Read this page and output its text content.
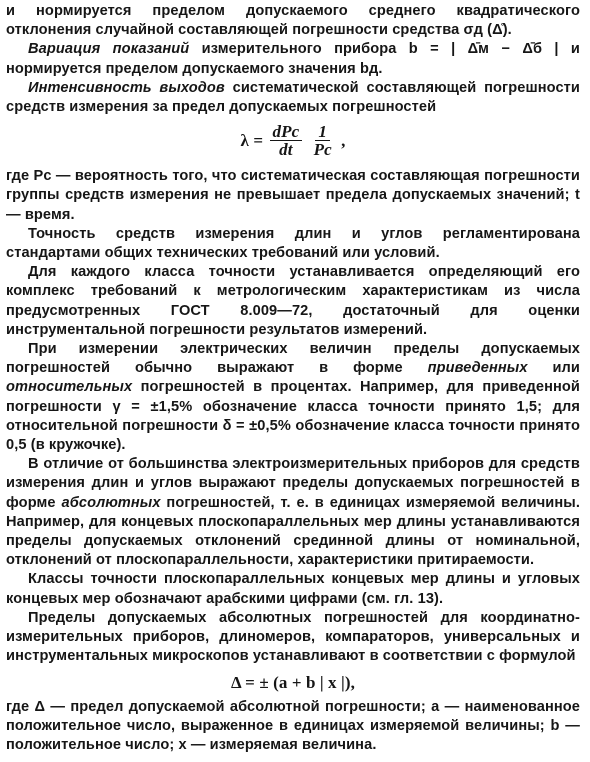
и нормируется пределом допускаемого среднего квадратического отклонения случайной составляющей погрешности средства σд (Δ̊).

Вариация показаний измерительного прибора b = | Δ̄м − Δ̄б | и нормируется пределом допускаемого значения bд.

Интенсивность выходов систематической составляющей погрешности средств измерения за предел допускаемых погрешностей

$\lambda = \frac{\text{dPс}}{dt}$
$\frac{1}{Pс}$ ,

где Pс — вероятность того, что систематическая составляющая погрешности группы средств измерения не превышает предела допускаемых значений; t — время.

Точность средств измерения длин и углов регламентирована стандартами общих технических требований или условий.

Для каждого класса точности устанавливается определяющий его комплекс требований к метрологическим характеристикам из числа предусмотренных ГОСТ 8.009—72, достаточный для оценки инструментальной погрешности результатов измерений.

При измерении электрических величин пределы допускаемых погрешностей обычно выражают в форме приведенных или относительных погрешностей в процентах. Например, для приведенной погрешности γ = ±1,5% обозначение класса точности принято 1,5; для относительной погрешности δ = ±0,5% обозначение класса точности принято 0,5 (в кружочке).

В отличие от большинства электроизмерительных приборов для средств измерения длин и углов выражают пределы допускаемых погрешностей в форме абсолютных погрешностей, т. е. в единицах измеряемой величины. Например, для концевых плоскопараллельных мер длины устанавливаются пределы допускаемых отклонений срединной длины от номинальной, отклонений от плоскопараллельности, характеристики притираемости.

Классы точности плоскопараллельных концевых мер длины и угловых концевых мер обозначают арабскими цифрами (см. гл. 13).

Пределы допускаемых абсолютных погрешностей для координатно-измерительных приборов, длиномеров, компараторов, универсальных и инструментальных микроскопов устанавливают в соответствии с формулой

Δ = ± (a + b | x |),

где Δ — предел допускаемой абсолютной погрешности; a — наименованное положительное число, выраженное в единицах измеряемой величины; b — положительное число; x — измеряемая величина.
